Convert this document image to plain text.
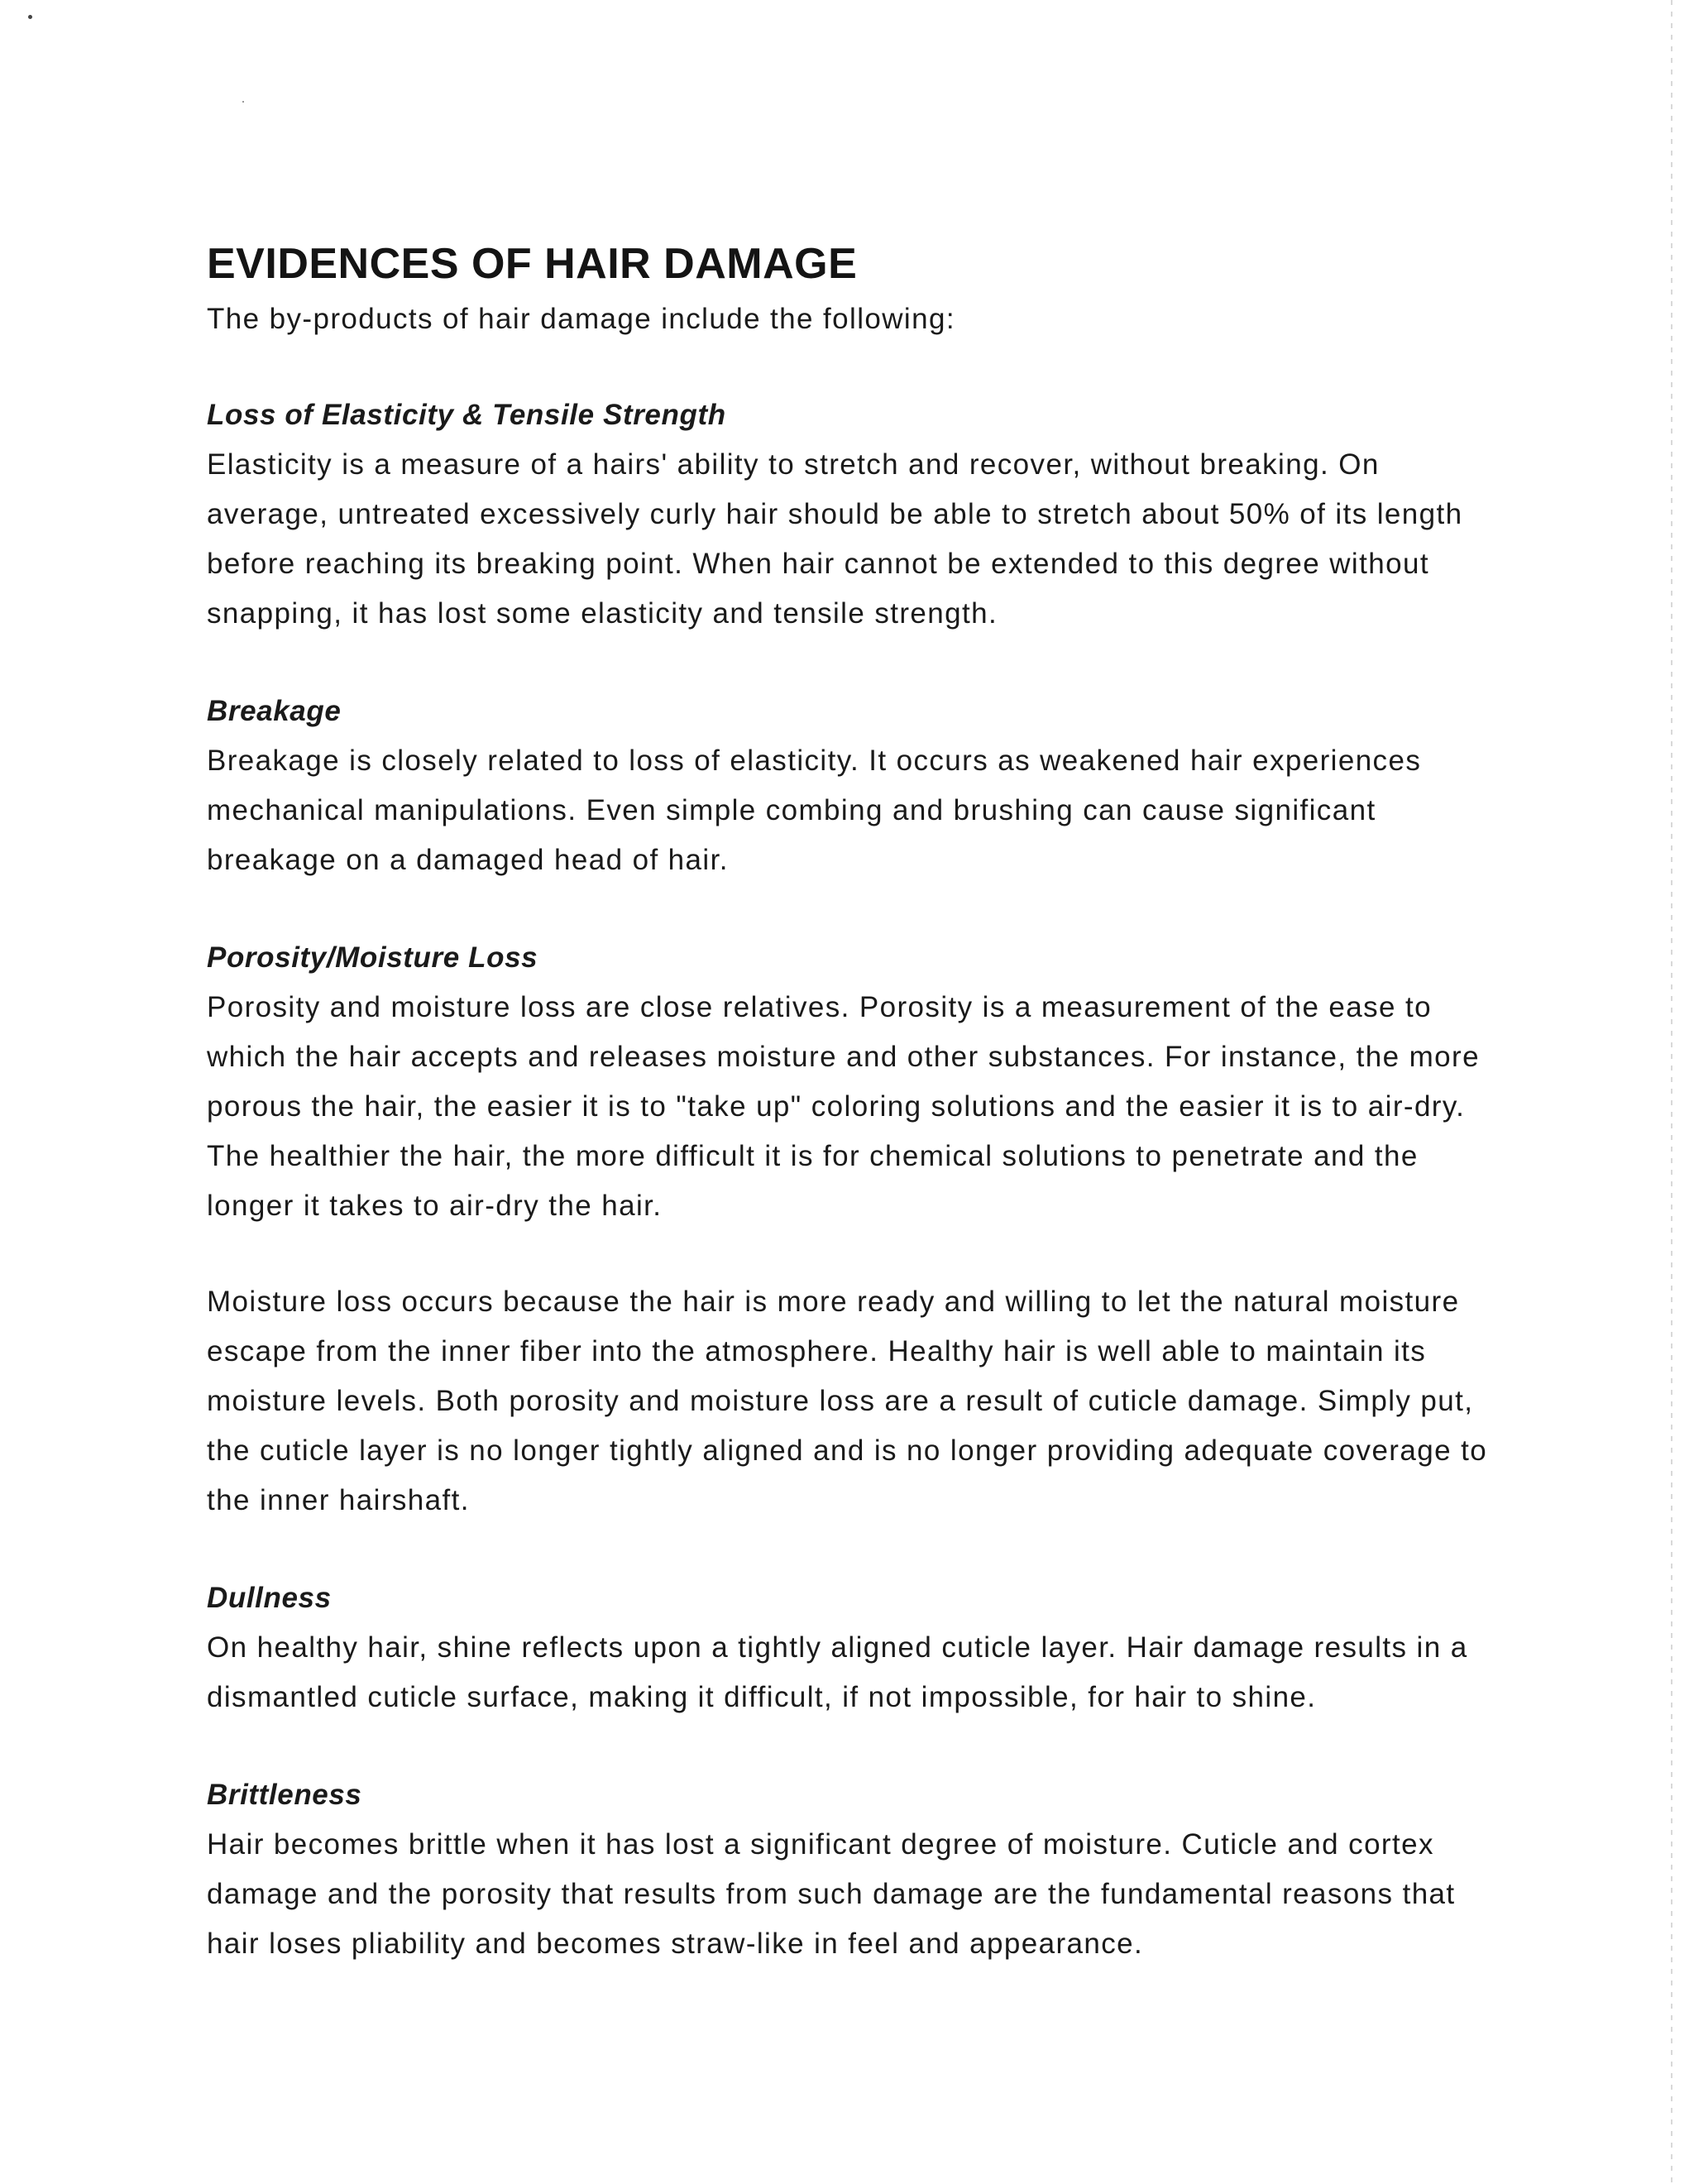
EVIDENCES OF HAIR DAMAGE

The by-products of hair damage include the following:

Loss of Elasticity & Tensile Strength

Elasticity is a measure of a hairs' ability to stretch and recover, without breaking. On average, untreated excessively curly hair should be able to stretch about 50% of its length before reaching its breaking point. When hair cannot be extended to this degree without snapping, it has lost some elasticity and tensile strength.

Breakage

Breakage is closely related to loss of elasticity. It occurs as weakened hair experiences mechanical manipulations. Even simple combing and brushing can cause significant breakage on a damaged head of hair.

Porosity/Moisture Loss

Porosity and moisture loss are close relatives. Porosity is a measurement of the ease to which the hair accepts and releases moisture and other substances. For instance, the more porous the hair, the easier it is to "take up" coloring solutions and the easier it is to air-dry. The healthier the hair, the more difficult it is for chemical solutions to penetrate and the longer it takes to air-dry the hair.

Moisture loss occurs because the hair is more ready and willing to let the natural moisture escape from the inner fiber into the atmosphere. Healthy hair is well able to maintain its moisture levels. Both porosity and moisture loss are a result of cuticle damage. Simply put, the cuticle layer is no longer tightly aligned and is no longer providing adequate coverage to the inner hairshaft.

Dullness

On healthy hair, shine reflects upon a tightly aligned cuticle layer. Hair damage results in a dismantled cuticle surface, making it difficult, if not impossible, for hair to shine.

Brittleness

Hair becomes brittle when it has lost a significant degree of moisture. Cuticle and cortex damage and the porosity that results from such damage are the fundamental reasons that hair loses pliability and becomes straw-like in feel and appearance.
